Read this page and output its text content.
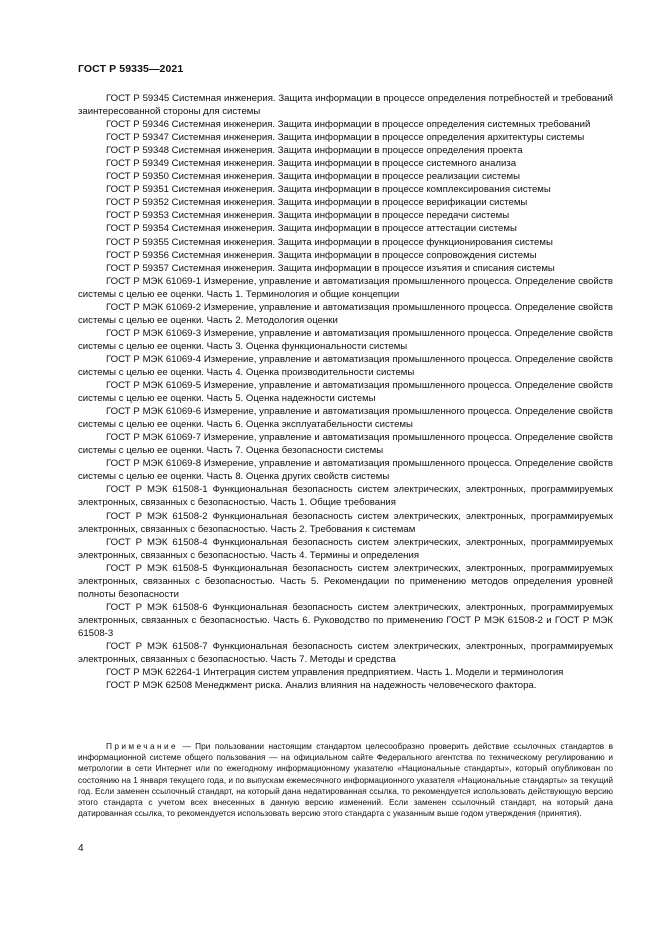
ГОСТ Р 59335—2021

ГОСТ Р 59345 Системная инженерия. Защита информации в процессе определения потребностей и требований заинтересованной стороны для системы

ГОСТ Р 59346 Системная инженерия. Защита информации в процессе определения системных требований

ГОСТ Р 59347 Системная инженерия. Защита информации в процессе определения архитектуры системы

ГОСТ Р 59348 Системная инженерия. Защита информации в процессе определения проекта

ГОСТ Р 59349 Системная инженерия. Защита информации в процессе системного анализа

ГОСТ Р 59350 Системная инженерия. Защита информации в процессе реализации системы

ГОСТ Р 59351 Системная инженерия. Защита информации в процессе комплексирования системы

ГОСТ Р 59352 Системная инженерия. Защита информации в процессе верификации системы

ГОСТ Р 59353 Системная инженерия. Защита информации в процессе передачи системы

ГОСТ Р 59354 Системная инженерия. Защита информации в процессе аттестации системы

ГОСТ Р 59355 Системная инженерия. Защита информации в процессе функционирования системы

ГОСТ Р 59356 Системная инженерия. Защита информации в процессе сопровождения системы

ГОСТ Р 59357 Системная инженерия. Защита информации в процессе изъятия и списания системы

ГОСТ Р МЭК 61069-1 Измерение, управление и автоматизация промышленного процесса. Определение свойств системы с целью ее оценки. Часть 1. Терминология и общие концепции

ГОСТ Р МЭК 61069-2 Измерение, управление и автоматизация промышленного процесса. Определение свойств системы с целью ее оценки. Часть 2. Методология оценки

ГОСТ Р МЭК 61069-3 Измерение, управление и автоматизация промышленного процесса. Определение свойств системы с целью ее оценки. Часть 3. Оценка функциональности системы

ГОСТ Р МЭК 61069-4 Измерение, управление и автоматизация промышленного процесса. Определение свойств системы с целью ее оценки. Часть 4. Оценка производительности системы

ГОСТ Р МЭК 61069-5 Измерение, управление и автоматизация промышленного процесса. Определение свойств системы с целью ее оценки. Часть 5. Оценка надежности системы

ГОСТ Р МЭК 61069-6 Измерение, управление и автоматизация промышленного процесса. Определение свойств системы с целью ее оценки. Часть 6. Оценка эксплуатабельности системы

ГОСТ Р МЭК 61069-7 Измерение, управление и автоматизация промышленного процесса. Определение свойств системы с целью ее оценки. Часть 7. Оценка безопасности системы

ГОСТ Р МЭК 61069-8 Измерение, управление и автоматизация промышленного процесса. Определение свойств системы с целью ее оценки. Часть 8. Оценка других свойств системы

ГОСТ Р МЭК 61508-1 Функциональная безопасность систем электрических, электронных, программируемых электронных, связанных с безопасностью. Часть 1. Общие требования

ГОСТ Р МЭК 61508-2 Функциональная безопасность систем электрических, электронных, программируемых электронных, связанных с безопасностью. Часть 2. Требования к системам

ГОСТ Р МЭК 61508-4 Функциональная безопасность систем электрических, электронных, программируемых электронных, связанных с безопасностью. Часть 4. Термины и определения

ГОСТ Р МЭК 61508-5 Функциональная безопасность систем электрических, электронных, программируемых электронных, связанных с безопасностью. Часть 5. Рекомендации по применению методов определения уровней полноты безопасности

ГОСТ Р МЭК 61508-6 Функциональная безопасность систем электрических, электронных, программируемых электронных, связанных с безопасностью. Часть 6. Руководство по применению ГОСТ Р МЭК 61508-2 и ГОСТ Р МЭК 61508-3

ГОСТ Р МЭК 61508-7 Функциональная безопасность систем электрических, электронных, программируемых электронных, связанных с безопасностью. Часть 7. Методы и средства

ГОСТ Р МЭК 62264-1 Интеграция систем управления предприятием. Часть 1. Модели и терминология

ГОСТ Р МЭК 62508 Менеджмент риска. Анализ влияния на надежность человеческого фактора.

Примечание — При пользовании настоящим стандартом целесообразно проверить действие ссылочных стандартов в информационной системе общего пользования — на официальном сайте Федерального агентства по техническому регулированию и метрологии в сети Интернет или по ежегодному информационному указателю «Национальные стандарты», который опубликован по состоянию на 1 января текущего года, и по выпускам ежемесячного информационного указателя «Национальные стандарты» за текущий год. Если заменен ссылочный стандарт, на который дана недатированная ссылка, то рекомендуется использовать действующую версию этого стандарта с учетом всех внесенных в данную версию изменений. Если заменен ссылочный стандарт, на который дана датированная ссылка, то рекомендуется использовать версию этого стандарта с указанным выше годом утверждения (принятия).

4
